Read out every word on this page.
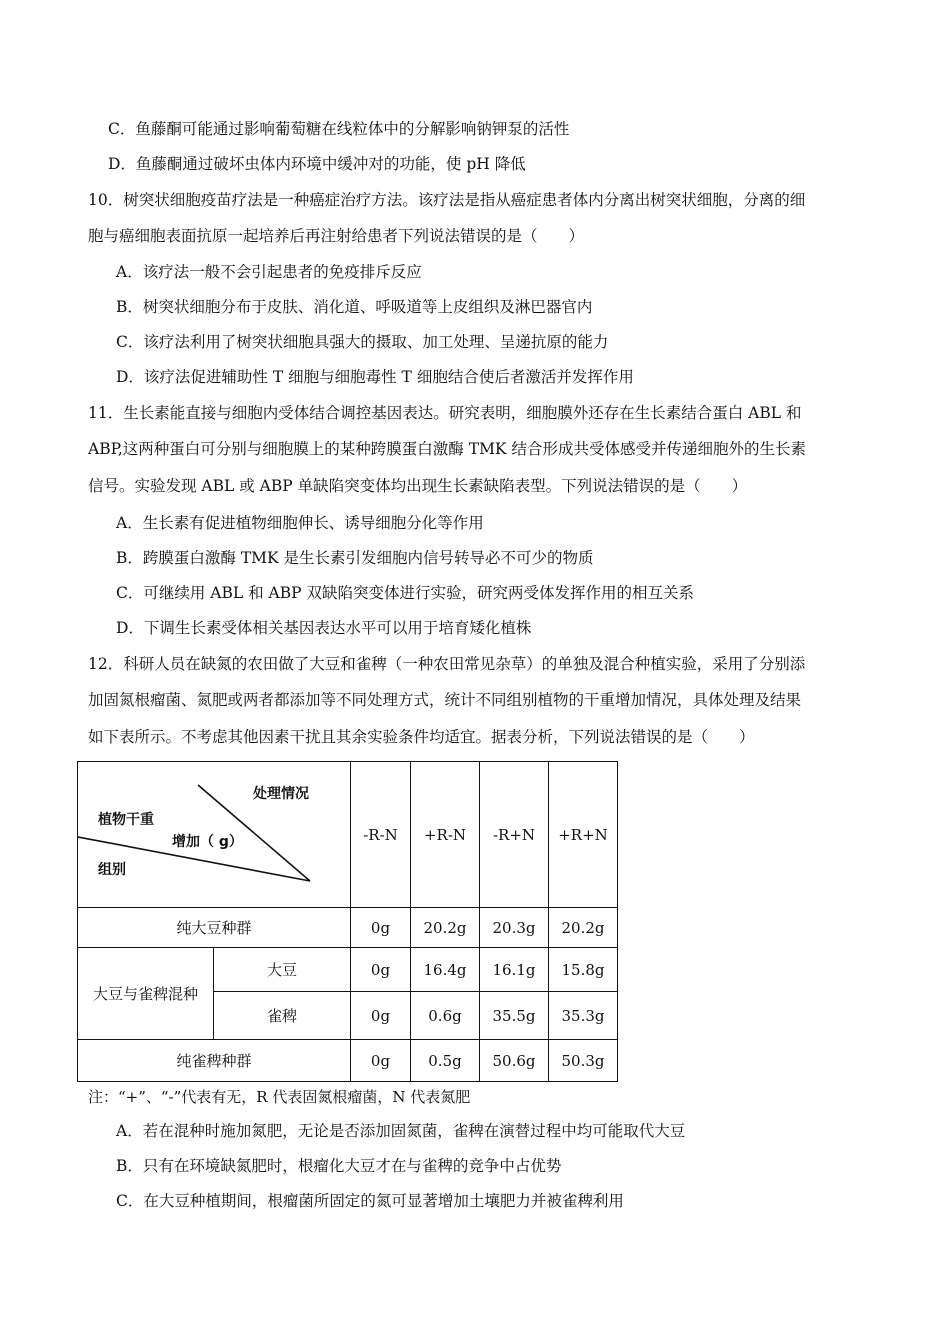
C．鱼藤酮可能通过影响葡萄糖在线粒体中的分解影响钠钾泵的活性
D．鱼藤酮通过破坏虫体内环境中缓冲对的功能，使 pH 降低
10．树突状细胞疫苗疗法是一种癌症治疗方法。该疗法是指从癌症患者体内分离出树突状细胞，分离的细
胞与癌细胞表面抗原一起培养后再注射给患者下列说法错误的是（　　）
A．该疗法一般不会引起患者的免疫排斥反应
B．树突状细胞分布于皮肤、消化道、呼吸道等上皮组织及淋巴器官内
C．该疗法利用了树突状细胞具强大的摄取、加工处理、呈递抗原的能力
D．该疗法促进辅助性 T 细胞与细胞毒性 T 细胞结合使后者激活并发挥作用
11．生长素能直接与细胞内受体结合调控基因表达。研究表明，细胞膜外还存在生长素结合蛋白 ABL 和
ABP,这两种蛋白可分别与细胞膜上的某种跨膜蛋白激酶 TMK 结合形成共受体感受并传递细胞外的生长素
信号。实验发现 ABL 或 ABP 单缺陷突变体均出现生长素缺陷表型。下列说法错误的是（　　）
A．生长素有促进植物细胞伸长、诱导细胞分化等作用
B．跨膜蛋白激酶 TMK 是生长素引发细胞内信号转导必不可少的物质
C．可继续用 ABL 和 ABP 双缺陷突变体进行实验，研究两受体发挥作用的相互关系
D．下调生长素受体相关基因表达水平可以用于培育矮化植株
12．科研人员在缺氮的农田做了大豆和雀稗（一种农田常见杂草）的单独及混合种植实验，采用了分别添
加固氮根瘤菌、氮肥或两者都添加等不同处理方式，统计不同组别植物的干重增加情况，具体处理及结果
如下表所示。不考虑其他因素干扰且其余实验条件均适宜。据表分析，下列说法错误的是（　　）
处理情况
植物干重
增加（ g）
组别		-R-N	+R-N	-R+N	+R+N
纯大豆种群		0g	20.2g	20.3g	20.2g

大豆与雀稗混种	大豆	0g	16.4g	16.1g	15.8g
	雀稗	0g	0.6g	35.5g	35.3g
纯雀稗种群		0g	0.5g	50.6g	50.3g
注：“+”、“-”代表有无，R 代表固氮根瘤菌，N 代表氮肥
A．若在混种时施加氮肥，无论是否添加固氮菌，雀稗在演替过程中均可能取代大豆
B．只有在环境缺氮肥时，根瘤化大豆才在与雀稗的竞争中占优势
C．在大豆种植期间，根瘤菌所固定的氮可显著增加土壤肥力并被雀稗利用
